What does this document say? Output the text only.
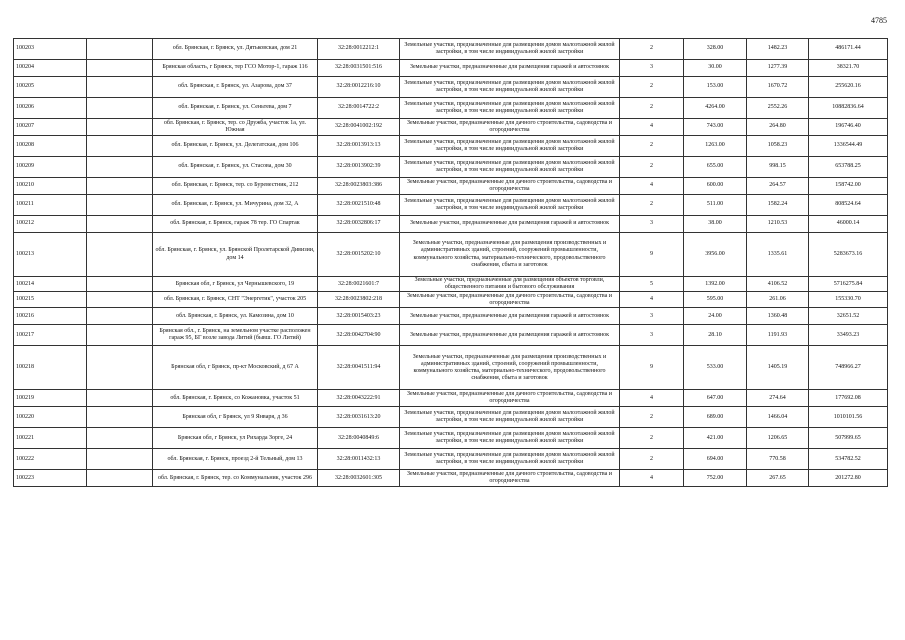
4785
100203		обл. Брянская, г. Брянск, ул. Дятьковская, дом 21	32:28:0012212:1	Земельные участки, предназначенные для размещения домов малоэтажной жилой застройки, в том числе индивидуальной жилой застройки	2	328.00	1482.23	486171.44
100204		Брянская область, г Брянск, тер ГСО Мотор-1, гараж 116	32:28:0031501:516	Земельные участки, предназначенные для размещения гаражей и автостоянок	3	30.00	1277.39	38321.70
100205		обл. Брянская, г. Брянск, ул. Азарова, дом 37	32:28:0012216:10	Земельные участки, предназначенные для размещения домов малоэтажной жилой застройки, в том числе индивидуальной жилой застройки	2	153.00	1670.72	255620.16
100206		обл. Брянская, г. Брянск, ул. Сеньтева, дом 7	32:28:0014722:2	Земельные участки, предназначенные для размещения домов малоэтажной жилой застройки, в том числе индивидуальной жилой застройки	2	4264.00	2552.26	10882836.64
100207		обл. Брянская, г. Брянск, тер. со Дружба, участок 1а, ул. Южная	32:28:0041002:192	Земельные участки, предназначенные для дачного строительства, садоводства и огородничества	4	743.00	264.80	196746.40
100208		обл. Брянская, г. Брянск, ул. Делегатская, дом 106	32:28:0013913:13	Земельные участки, предназначенные для размещения домов малоэтажной жилой застройки, в том числе индивидуальной жилой застройки	2	1263.00	1058.23	1336544.49
100209		обл. Брянская, г. Брянск, ул. Стасова, дом 30	32:28:0013902:39	Земельные участки, предназначенные для размещения домов малоэтажной жилой застройки, в том числе индивидуальной жилой застройки	2	655.00	998.15	653788.25
100210		обл. Брянская, г. Брянск, тер. со Буревестник, 212	32:28:0023803:386	Земельные участки, предназначенные для дачного строительства, садоводства и огородничества	4	600.00	264.57	158742.00
100211		обл. Брянская, г. Брянск, ул. Мичурина, дом 32, А	32:28:0021510:48	Земельные участки, предназначенные для размещения домов малоэтажной жилой застройки, в том числе индивидуальной жилой застройки	2	511.00	1582.24	808524.64
100212		обл. Брянская, г. Брянск, гараж 78 тер. ГО Спартак	32:28:0032806:17	Земельные участки, предназначенные для размещения гаражей и автостоянок	3	38.00	1210.53	46000.14
100213		обл. Брянская, г. Брянск, ул. Брянской Пролетарской Дивизии, дом 14	32:28:0015202:10	Земельные участки, предназначенные для размещения производственных и административных зданий, строений, сооружений промышленности, коммунального хозяйства, материально-технического, продовольственного снабжения, сбыта и заготовок	9	3956.00	1335.61	5283673.16
100214		Брянская обл, г Брянск, ул Чернышевского, 19	32:28:0021601:7	Земельные участки, предназначенные для размещения объектов торговли, общественного питания и бытового обслуживания	5	1392.00	4106.52	5716275.84
100215		обл. Брянская, г. Брянск, СНТ "Энергетик", участок 205	32:28:0023802:218	Земельные участки, предназначенные для дачного строительства, садоводства и огородничества	4	595.00	261.06	155330.70
100216		обл. Брянская, г. Брянск, ул. Камозина, дом 10	32:28:0015403:23	Земельные участки, предназначенные для размещения гаражей и автостоянок	3	24.00	1360.48	32651.52
100217		Брянская обл., г. Брянск, на земельном участке расположен гараж 95, БГ возле завода Литий (бывш. ГО Литий)	32:28:0042704:90	Земельные участки, предназначенные для размещения гаражей и автостоянок	3	28.10	1191.93	33493.23
100218		Брянская обл, г Брянск, пр-кт Московский, д 67 А	32:28:0041511:94	Земельные участки, предназначенные для размещения производственных и административных зданий, строений, сооружений промышленности, коммунального хозяйства, материально-технического, продовольственного снабжения, сбыта и заготовок	9	533.00	1405.19	748966.27
100219		обл. Брянская, г. Брянск, со Кожановка, участок 51	32:28:0043222:91	Земельные участки, предназначенные для дачного строительства, садоводства и огородничества	4	647.00	274.64	177692.08
100220		Брянская обл, г Брянск, ул 9 Января, д 36	32:28:0031613:20	Земельные участки, предназначенные для размещения домов малоэтажной жилой застройки, в том числе индивидуальной жилой застройки	2	689.00	1466.04	1010101.56
100221		Брянская обл, г Брянск, ул Рихарда Зорге, 24	32:28:0040849:6	Земельные участки, предназначенные для размещения домов малоэтажной жилой застройки, в том числе индивидуальной жилой застройки	2	421.00	1206.65	507999.65
100222		обл. Брянская, г. Брянск, проезд 2-й Тельный, дом 13	32:28:0011432:13	Земельные участки, предназначенные для размещения домов малоэтажной жилой застройки, в том числе индивидуальной жилой застройки	2	694.00	770.58	534782.52
100223		обл. Брянская, г. Брянск, тер. со Коммунальник, участок 296	32:28:0032601:305	Земельные участки, предназначенные для дачного строительства, садоводства и огородничества	4	752.00	267.65	201272.80
